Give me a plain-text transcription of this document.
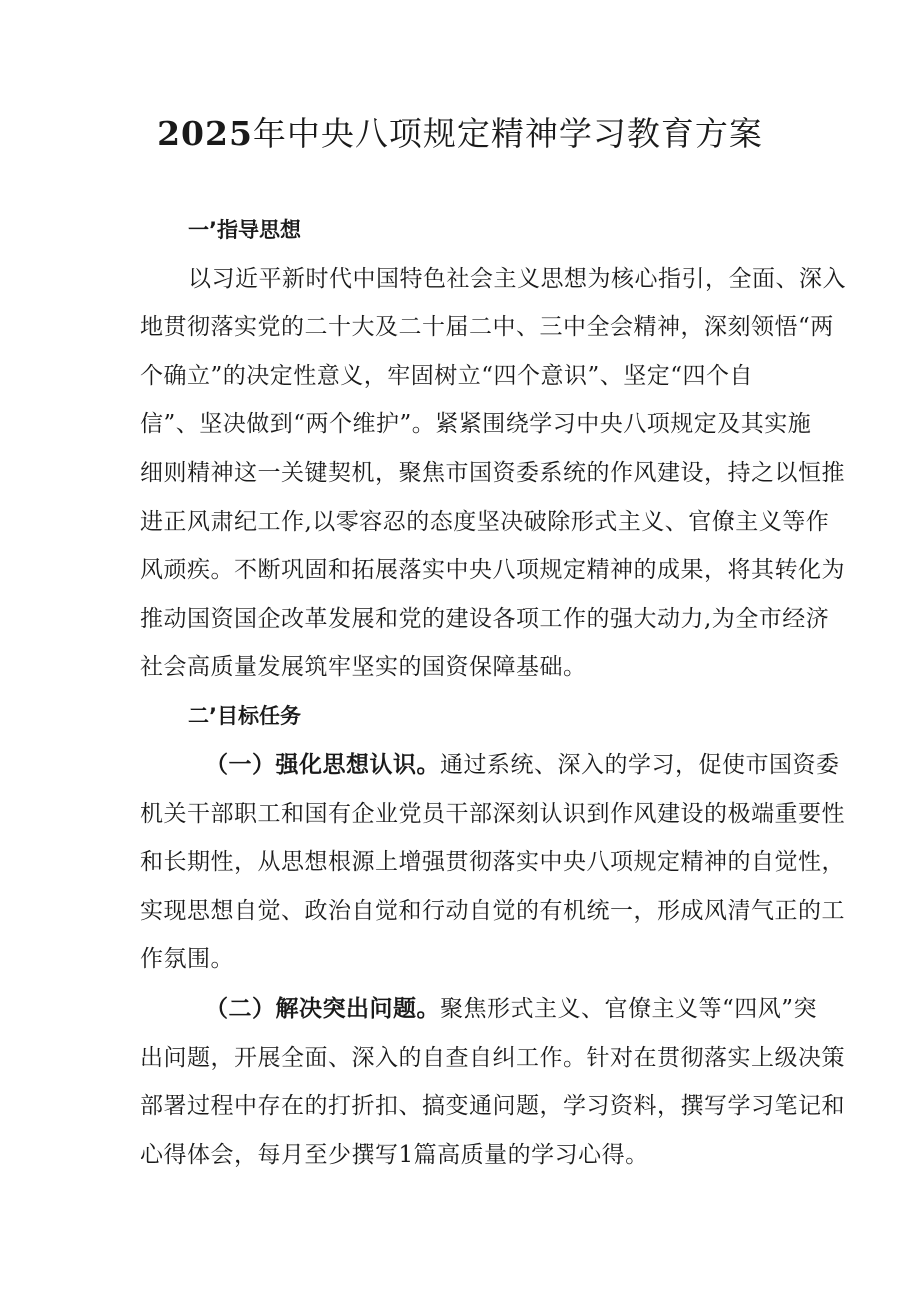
2025年中央八项规定精神学习教育方案
一’指导思想
以习近平新时代中国特色社会主义思想为核心指引，全面、深入
地贯彻落实党的二十大及二十届二中、三中全会精神，深刻领悟“两
个确立”的决定性意义，牢固树立“四个意识”、坚定“四个自
信”、坚决做到“两个维护”。紧紧围绕学习中央八项规定及其实施
细则精神这一关键契机，聚焦市国资委系统的作风建设，持之以恒推
进正风肃纪工作,以零容忍的态度坚决破除形式主义、官僚主义等作
风顽疾。不断巩固和拓展落实中央八项规定精神的成果，将其转化为
推动国资国企改革发展和党的建设各项工作的强大动力,为全市经济
社会高质量发展筑牢坚实的国资保障基础。
二’目标任务
（一）强化思想认识。通过系统、深入的学习，促使市国资委
机关干部职工和国有企业党员干部深刻认识到作风建设的极端重要性
和长期性，从思想根源上增强贯彻落实中央八项规定精神的自觉性，
实现思想自觉、政治自觉和行动自觉的有机统一，形成风清气正的工
作氛围。
（二）解决突出问题。聚焦形式主义、官僚主义等“四风”突
出问题，开展全面、深入的自查自纠工作。针对在贯彻落实上级决策
部署过程中存在的打折扣、搞变通问题，学习资料，撰写学习笔记和
心得体会，每月至少撰写1篇高质量的学习心得。
